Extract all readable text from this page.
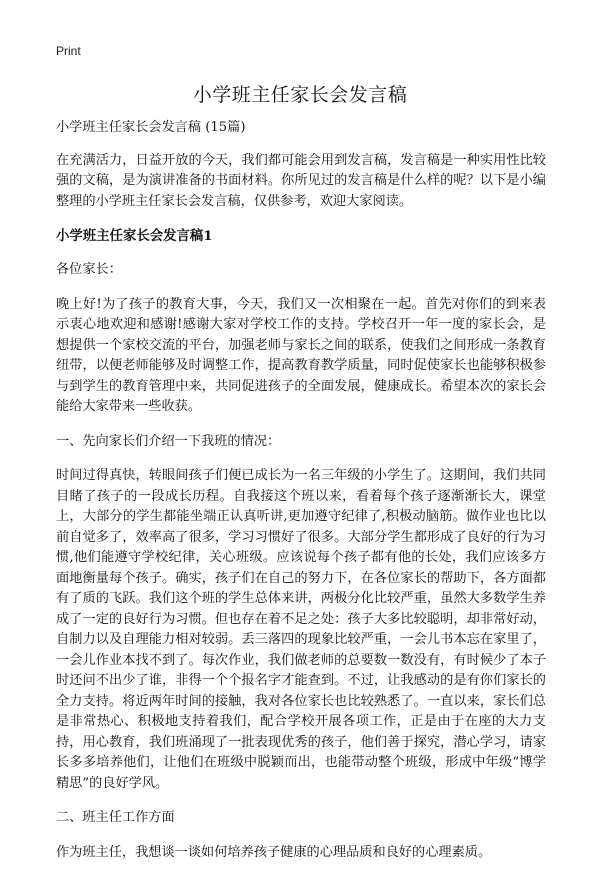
Print
小学班主任家长会发言稿

小学班主任家长会发言稿 (15篇)

在充满活力，日益开放的今天，我们都可能会用到发言稿，发言稿是一种实用性比较强的文稿，是为演讲准备的书面材料。你所见过的发言稿是什么样的呢？以下是小编整理的小学班主任家长会发言稿，仅供参考，欢迎大家阅读。

小学班主任家长会发言稿1

各位家长：

晚上好!为了孩子的教育大事，今天，我们又一次相聚在一起。首先对你们的到来表示衷心地欢迎和感谢!感谢大家对学校工作的支持。学校召开一年一度的家长会，是想提供一个家校交流的平台，加强老师与家长之间的联系，使我们之间形成一条教育纽带，以便老师能够及时调整工作，提高教育教学质量，同时促使家长也能够积极参与到学生的教育管理中来，共同促进孩子的全面发展，健康成长。希望本次的家长会能给大家带来一些收获。

一、先向家长们介绍一下我班的情况：

时间过得真快，转眼间孩子们便已成长为一名三年级的小学生了。这期间，我们共同目睹了孩子的一段成长历程。自我接这个班以来，看着每个孩子逐渐渐长大，课堂上，大部分的学生都能坐端正认真听讲,更加遵守纪律了,积极动脑筋。做作业也比以前自觉多了，效率高了很多，学习习惯好了很多。大部分学生都形成了良好的行为习惯,他们能遵守学校纪律，关心班级。应该说每个孩子都有他的长处，我们应该多方面地衡量每个孩子。确实，孩子们在自己的努力下，在各位家长的帮助下，各方面都有了质的飞跃。我们这个班的学生总体来讲，两极分化比较严重，虽然大多数学生养成了一定的良好行为习惯。但也存在着不足之处：孩子大多比较聪明，却非常好动，自制力以及自理能力相对较弱。丢三落四的现象比较严重，一会儿书本忘在家里了，一会儿作业本找不到了。每次作业，我们做老师的总要数一数没有，有时候少了本子时还问不出少了谁，非得一个个报名字才能查到。不过，让我感动的是有你们家长的全力支持。将近两年时间的接触，我对各位家长也比较熟悉了。一直以来，家长们总是非常热心、积极地支持着我们，配合学校开展各项工作，正是由于在座的大力支持，用心教育，我们班涌现了一批表现优秀的孩子，他们善于探究，潜心学习，请家长多多培养他们，让他们在班级中脱颖而出，也能带动整个班级，形成中年级“博学精思”的良好学风。

二、班主任工作方面

作为班主任，我想谈一谈如何培养孩子健康的心理品质和良好的心理素质。
